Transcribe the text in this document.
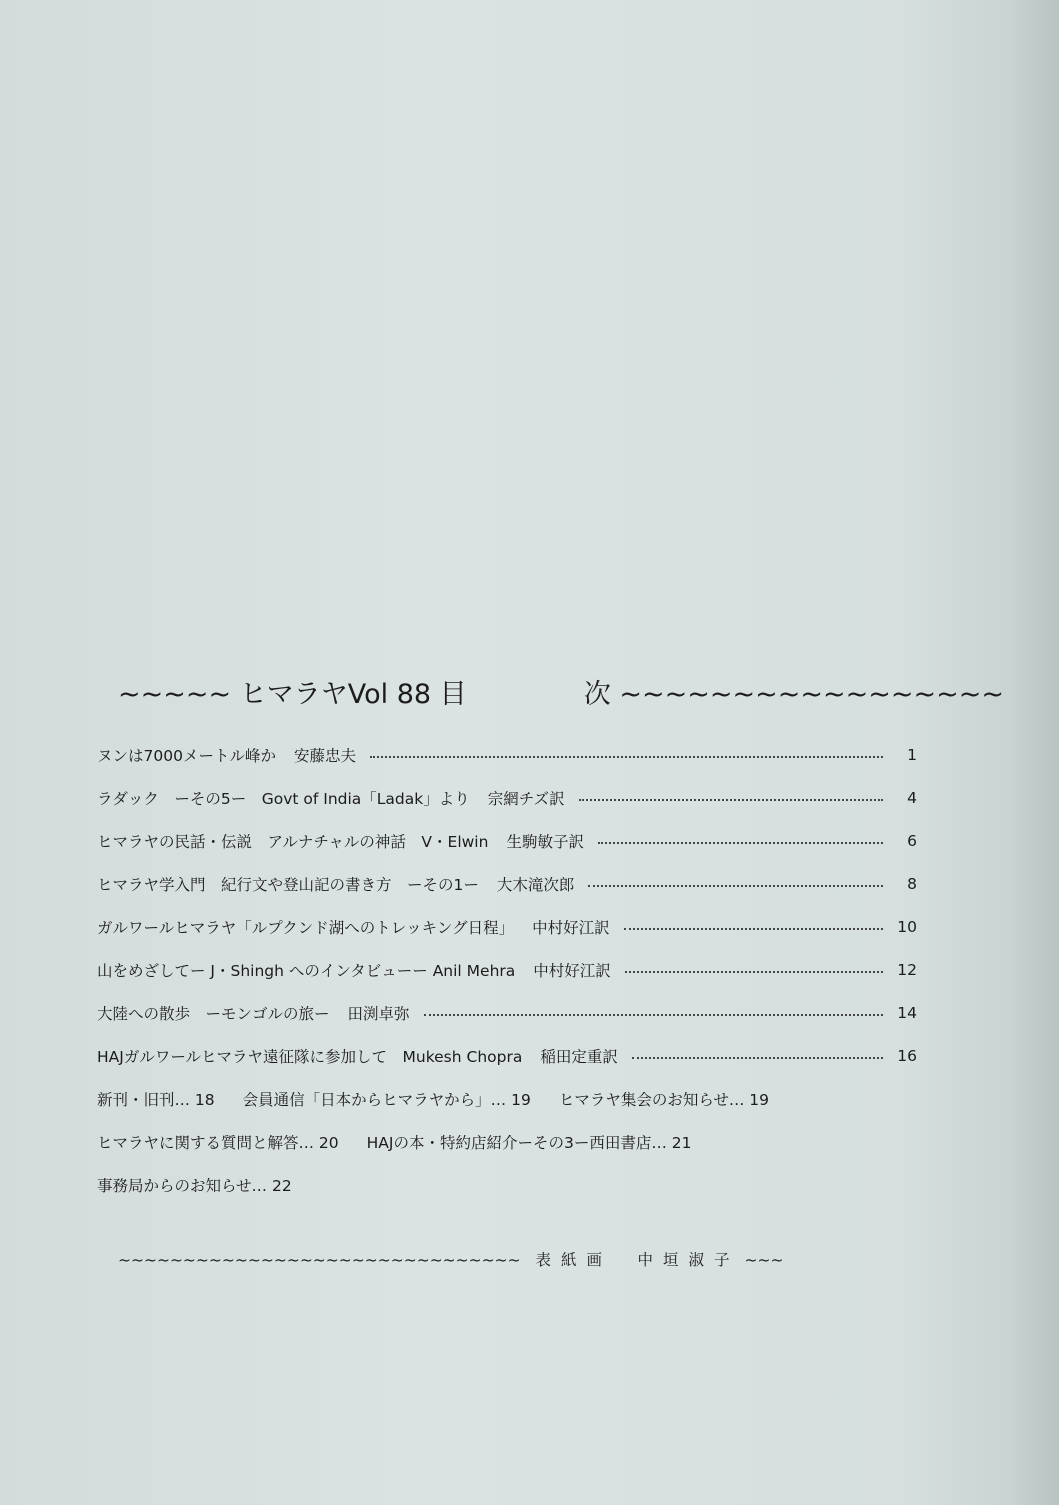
~~~~~ ヒマラヤVol 88 目	次 ~~~~~~~~~~~~~~~~~
ヌンは7000メートル峰か 安藤忠夫	1
ラダック　ーその5ー　Govt of India「Ladak」より 宗網チズ訳	4
ヒマラヤの民話・伝説　アルナチャルの神話　V・Elwin 生駒敏子訳	6
ヒマラヤ学入門　紀行文や登山記の書き方　ーその1ー 大木滝次郎	8
ガルワールヒマラヤ「ルプクンド湖へのトレッキング日程」 中村好江訳	10
山をめざしてー J・Shingh へのインタビューー Anil Mehra 中村好江訳	12
大陸への散歩　ーモンゴルの旅ー 田渕卓弥	14
HAJガルワールヒマラヤ遠征隊に参加して　Mukesh Chopra 稲田定重訳	16
新刊・旧刊… 18 会員通信「日本からヒマラヤから」… 19 ヒマラヤ集会のお知らせ… 19
ヒマラヤに関する質問と解答… 20 HAJの本・特約店紹介ーその3ー西田書店… 21
事務局からのお知らせ… 22
~~~~~~~~~~~~~~~~~~~~~~~~~~~~~~~ 表紙画　中垣淑子 ~~~
